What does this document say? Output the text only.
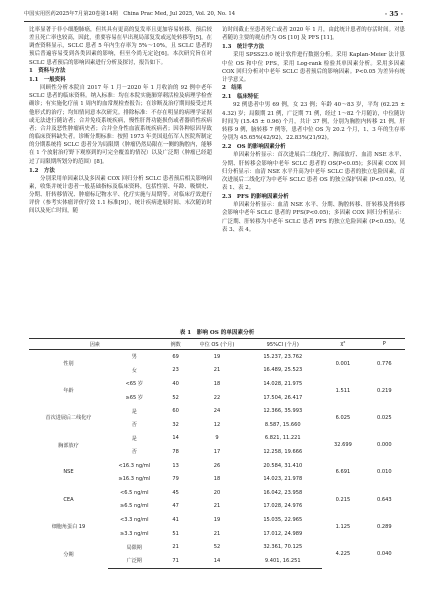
中国实用医药2025年7月第20卷第14期　China Prac Med, Jul 2025, Vol. 20, No. 14	· 35 ·

比率显著于非小细胞肺癌，但其具有更高的复发率且更加容易转移，预后较差且死亡率也较高，因此，重要容易在早出现局部复发或远处转移等[5]，在调查资料显示，SCLC 患者 5 年内生存率为 5%～10%，且 SCLC 患者的预后普遍容易受到各类因素的影响，但至今尚无定论[6]。本次研究旨在对 SCLC 患者预后的影响因素进行分析及探讨，报告如下。

1　资料与方法

1.1　一般资料

回顾性分析本院自 2017 年 1 月－2020 年 1 月收治的 92 例中老年 SCLC 患者的临床资料。纳入标准：均在本院实施肺穿刺活检及病理学检查确诊；有实施化疗前 1 周内的血常规检查报告；在诊断及治疗期间接受过其他形式的治疗；均知情同意本次研究。排除标准：不存在明显的病理学证据或无法进行随访者；合并免疫系统疾病，慢性肝肾功能损伤或者器质性疾病者；合并及恶性肿瘤病史者；合并全身性血液系统疾病者；因各种原因导致的临床资料缺失者。诊断分期标准：按照 1973 年美国退伍军人医院所制定的分期系统将 SCLC 患者分为局限期（肿瘤仍然局限在一侧的胸腔内，能够在 1 个放射治疗野下观察到的可完全覆盖的情况）以及广泛期（肿瘤已经超过了局限期所划分的范围）[8]。

1.2　方法

分别采用单因素以及多因素 COX 回归分析 SCLC 患者预后相关影响因素，收集并统计患者一般基础指标及临床资料，包括性别、年龄、吸烟史、分期、肝转移情况、肿瘤标记物水平、化疗实施与局期等。对临床疗效进行评价（参考实体瘤评价疗效 1.1 标准[9]），统计疾病进展时间、末次随访时间以及死亡时间，随

访时间截止至患者死亡或者 2020 年 1 月，由此统计患者的存活时间。对患者随访主要的观点作为 OS [10] 及 PFS [11]。

1.3　统计学方法

采用 SPSS23.0 统计软件进行数据分析。采用 Kaplan-Meier 法计算中位 OS 和中位 PFS，采用 Log-rank 检验其单因素分析。采用多因素 COX 回归分析对中老年 SCLC 患者预后的影响因素。P<0.05 为差异有统计学意义。

2　结果

2.1　临床特征

92 例患者中男 69 例，女 23 例；年龄 40～83 岁，平均 (62.25 ± 4.32) 岁；局限期 21 例，广泛期 71 例，经过 1～82 个月随访，中位随访时间为 (15.45 ± 0.96) 个月，共计 37 例，分别为胸腔内转移 21 例，肝转移 9 例，脑转移 7 例等，患者中位 OS 为 20.2 个月，1、3 年的生存率分别为 45.65%(42/92)、22.83%(21/92)。

2.2　OS 的影响因素分析

单因素分析显示：首次进展后二线化疗、胸部放疗、血清 NSE 水平、分期、肝转移会影响中老年 SCLC 患者的 OS(P<0.05)；多因素 COX 回归分析显示：血清 NSE 水平升高为中老年 SCLC 患者的独立危险因素，首次进展后二线化疗为中老年 SCLC 患者 OS 的独立保护因素 (P<0.05)。见表 1、表 2。

2.3　PFS 的影响因素分析

单因素分析显示：血清 NSE 水平、分期、胸腔转移、肝转移及肾转移会影响中老年 SCLC 患者的 PFS(P<0.05)；多因素 COX 回归分析显示：广泛期、肝转移为中老年 SCLC 患者 PFS 的独立危险因素 (P<0.05)。见表 3、表 4。

表 1　影响 OS 的单因素分析
因素		例数	中位 OS (个月)	95%CI (个月)	χ²	P
性别	男	69	19	15.237, 23.762	0.001	0.776
	女	23	21	16.489, 25.523		
年龄	<65 岁	40	18	14.028, 21.975	1.511	0.219
	≥65 岁	52	22	17.504, 26.417		
首次进展后二线化疗	是	60	24	12.366, 35.993	6.025	0.025
	否	32	12	8.587, 15.660		
胸部放疗	是	14	9	6.821, 11.221	32.699	0.000
	否	78	17	12.258, 19.666		
NSE	<16.3 ng/ml	13	26	20.584, 31.410	6.691	0.010
	≥16.3 ng/ml	79	18	14.023, 21.978		
CEA	<6.5 ng/ml	45	20	16.042, 23.958	0.215	0.643
	≥6.5 ng/ml	47	21	17.028, 24.976		
细胞角蛋白 19	<3.3 ng/ml	41	19	15.035, 22.965	1.125	0.289
	≥3.3 ng/ml	51	21	17.012, 24.989		
分期	局限期	21	52	32.361, 70.125	4.225	0.040
	广泛期	71	14	9.401, 16.251		
